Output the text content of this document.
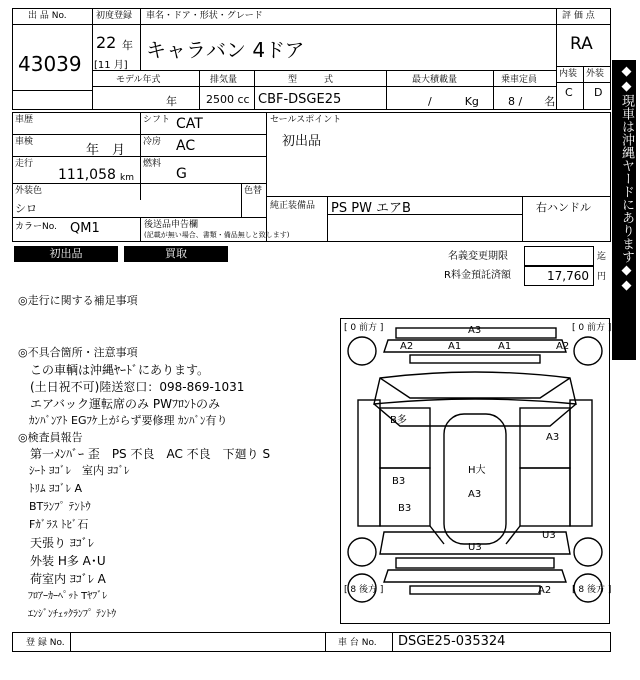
出 品 No.
43039
初度登録 車名・ドア・形状・グレード
22 年
[11 月]
キャラバン 4ドア
評 価 点
RA
内装 外装
C D
モデル年式
年
排気量
2500 cc
型　　　式
CBF-DSGE25
最大積載量
/　　　Kg
乗車定員
8 /　　名
車歴	シフト CAT
車検
年　月
冷房 AC
走行
111,058 km
燃料
G
外装色
シロ
色替
カラーNo. QM1	後送品申告欄
(記載が無い場合、書類・備品無しと致します)
セールスポイント
初出品
純正装備品 PS PW エアB	右ハンドル
初出品	買取	名義変更期限	迄
R料金預託済額	17,760 円 ◆◆現車は沖縄ヤードにあります◆◆
◎走行に関する補足事項
◎不具合箇所・注意事項
　この車輌は沖縄ﾔｰﾄﾞにあります。
　(土日祝不可)陸送窓口：098-869-1031
　エアバック運転席のみ PWﾌﾛﾝﾄのみ
　ｶﾝﾊﾞﾝｱﾄ EGﾌｹ上がらず要修理 ｶﾝﾊﾞﾝ有り
◎検査員報告
　第一ﾒﾝﾊﾞｰ 歪　PS 不良　AC 不良　下廻り S
　ｼｰﾄ ﾖｺﾞﾚ　室内 ﾖｺﾞﾚ
　ﾄﾘﾑ ﾖｺﾞﾚ A
　BTﾗﾝﾌﾟ ﾃﾝﾄｳ
　Fｶﾞﾗｽ ﾄﾋﾞ石
　天張り ﾖｺﾞﾚ
　外装 H多 A･U
　荷室内 ﾖｺﾞﾚ A
　ﾌﾛｱｰｶｰﾍﾟｯﾄ Tﾔﾌﾞﾚ
　ｴﾝｼﾞﾝﾁｪｯｸﾗﾝﾌﾟ ﾃﾝﾄｳ
[ 0 前方 ]	[ 0 前方 ]
[ 8 後方 ]	[ 8 後方 ]
A3
A2	A1	A1	A2
B多
A3
H大
B3
A3
B3
U3
U3
A2
登 録 No.	車 台 No. DSGE25-035324
